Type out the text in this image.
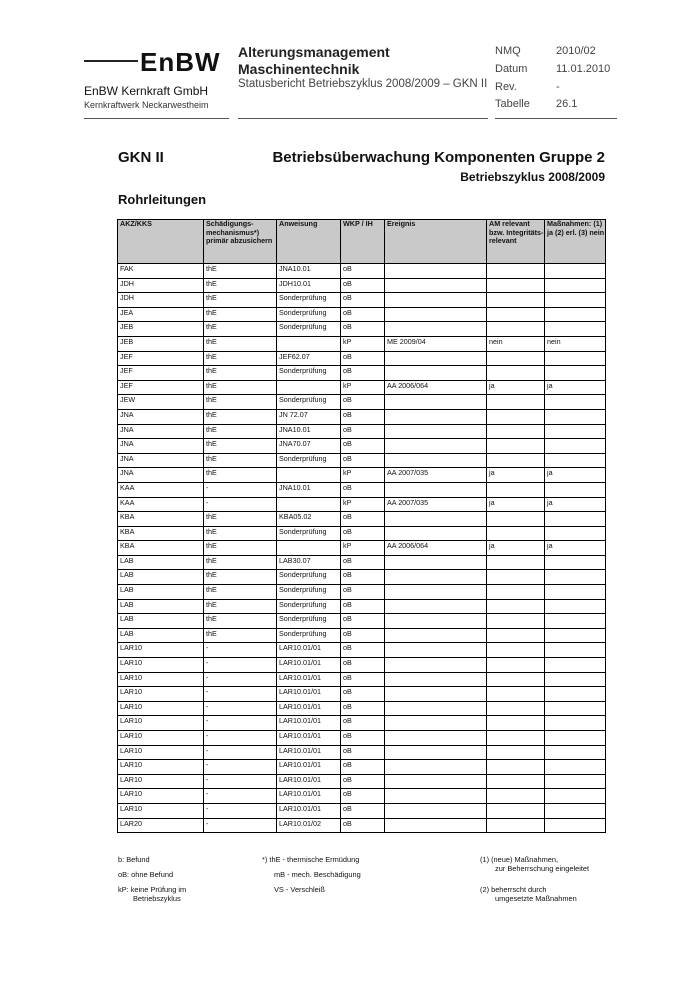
EnBW
EnBW Kernkraft GmbH
Kernkraftwerk Neckarwestheim
Alterungsmanagement
Maschinentechnik
Statusbericht Betriebszyklus 2008/2009 – GKN II
NMQ	2010/02
Datum	11.01.2010
Rev.	-
Tabelle 26.1
GKN II	Betriebsüberwachung Komponenten Gruppe 2
Betriebszyklus 2008/2009
Rohrleitungen
AKZ/KKS	Schädigungs-mechanismus*) primär abzusichern	Anweisung	WKP / IH	Ereignis	AM relevant bzw. Integritäts-relevant	Maßnahmen: (1) ja (2) erl. (3) nein
FAK	thE	JNA10.01	oB			
JDH	thE	JDH10.01	oB			
JDH	thE	Sonderprüfung	oB			
JEA	thE	Sonderprüfung	oB			
JEB	thE	Sonderprüfung	oB			
JEB	thE		kP	ME 2009/04	nein	nein
JEF	thE	JEF62.07	oB			
JEF	thE	Sonderprüfung	oB			
JEF	thE		kP	AA 2006/064	ja	ja
JEW	thE	Sonderprüfung	oB			
JNA	thE	JN 72.07	oB			
JNA	thE	JNA10.01	oB			
JNA	thE	JNA70.07	oB			
JNA	thE	Sonderprüfung	oB			
JNA	thE		kP	AA 2007/035	ja	ja
KAA	-	JNA10.01	oB			
KAA	-		kP	AA 2007/035	ja	ja
KBA	thE	KBA05.02	oB			
KBA	thE	Sonderprüfung	oB			
KBA	thE		kP	AA 2006/064	ja	ja
LAB	thE	LAB30.07	oB			
LAB	thE	Sonderprüfung	oB			
LAB	thE	Sonderprüfung	oB			
LAB	thE	Sonderprüfung	oB			
LAB	thE	Sonderprüfung	oB			
LAB	thE	Sonderprüfung	oB			
LAR10	-	LAR10.01/01	oB			
LAR10	-	LAR10.01/01	oB			
LAR10	-	LAR10.01/01	oB			
LAR10	-	LAR10.01/01	oB			
LAR10	-	LAR10.01/01	oB			
LAR10	-	LAR10.01/01	oB			
LAR10	-	LAR10.01/01	oB			
LAR10	-	LAR10.01/01	oB			
LAR10	-	LAR10.01/01	oB			
LAR10	-	LAR10.01/01	oB			
LAR10	-	LAR10.01/01	oB			
LAR10	-	LAR10.01/01	oB			
LAR20	-	LAR10.01/02	oB			
b: Befund
oB: ohne Befund
kP: keine Prüfung im
Betriebszyklus
*) thE - thermische Ermüdung
mB - mech. Beschädigung
VS - Verschleiß
(1) (neue) Maßnahmen,
zur Beherrschung eingeleitet
(2) beherrscht durch
umgesetzte Maßnahmen
